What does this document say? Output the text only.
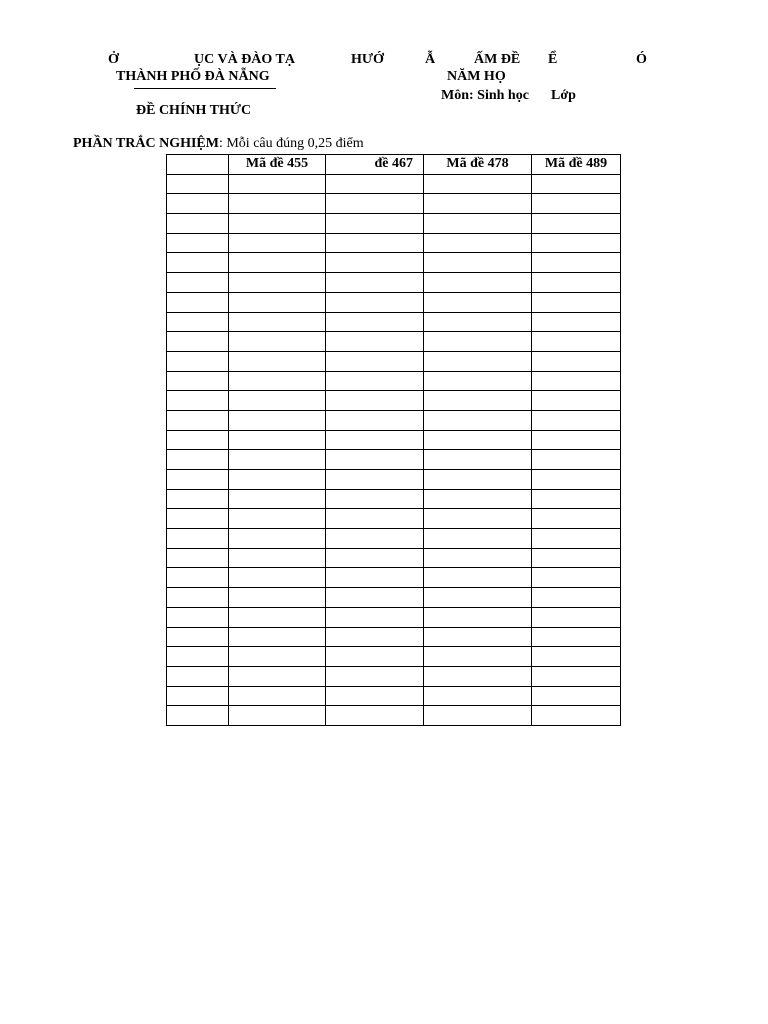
Ở	ỤC VÀ ĐÀO TẠ
THÀNH PHỐ ĐÀ NẴNG
HƯỚ	Ẫ	ẤM ĐỀ Ể	Ó
NĂM HỌ
Môn: Sinh học Lớp
ĐỀ CHÍNH THỨC
PHẦN TRẮC NGHIỆM: Mỗi câu đúng 0,25 điểm
	Mã đề 455	đề 467	Mã đề 478	Mã đề 489
